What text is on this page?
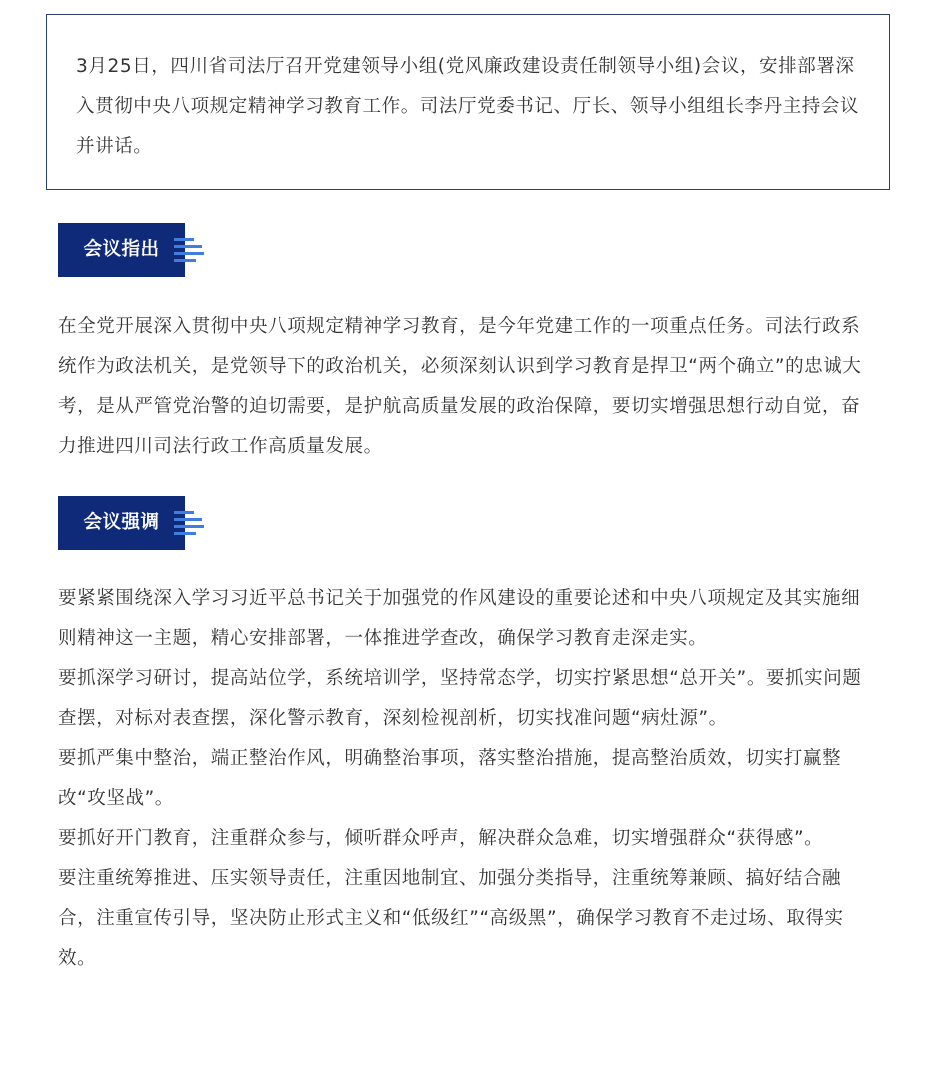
3月25日，四川省司法厅召开党建领导小组(党风廉政建设责任制领导小组)会议，安排部署深入贯彻中央八项规定精神学习教育工作。司法厅党委书记、厅长、领导小组组长李丹主持会议并讲话。

会议指出

在全党开展深入贯彻中央八项规定精神学习教育，是今年党建工作的一项重点任务。司法行政系统作为政法机关，是党领导下的政治机关，必须深刻认识到学习教育是捍卫“两个确立”的忠诚大考，是从严管党治警的迫切需要，是护航高质量发展的政治保障，要切实增强思想行动自觉，奋力推进四川司法行政工作高质量发展。

会议强调

要紧紧围绕深入学习习近平总书记关于加强党的作风建设的重要论述和中央八项规定及其实施细则精神这一主题，精心安排部署，一体推进学查改，确保学习教育走深走实。

要抓深学习研讨，提高站位学，系统培训学，坚持常态学，切实拧紧思想“总开关”。要抓实问题查摆，对标对表查摆，深化警示教育，深刻检视剖析，切实找准问题“病灶源”。

要抓严集中整治，端正整治作风，明确整治事项，落实整治措施，提高整治质效，切实打赢整改“攻坚战”。

要抓好开门教育，注重群众参与，倾听群众呼声，解决群众急难，切实增强群众“获得感”。

要注重统筹推进、压实领导责任，注重因地制宜、加强分类指导，注重统筹兼顾、搞好结合融合，注重宣传引导，坚决防止形式主义和“低级红”“高级黑”，确保学习教育不走过场、取得实效。
